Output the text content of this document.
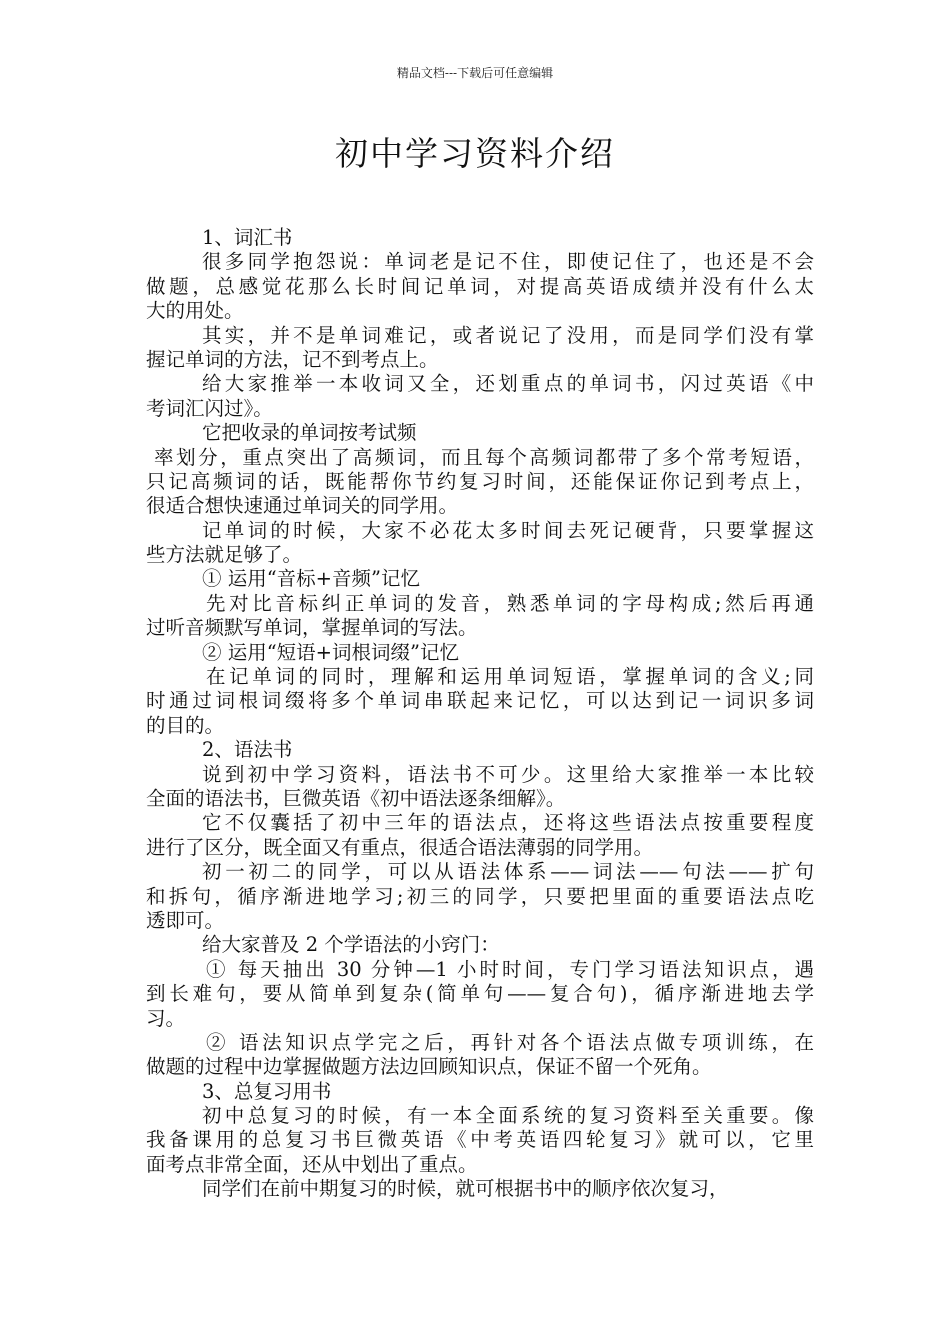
精品文档---下载后可任意编辑
初中学习资料介绍
1、词汇书
很多同学抱怨说：单词老是记不住，即使记住了，也还是不会
做题，总感觉花那么长时间记单词，对提高英语成绩并没有什么太
大的用处。
其实，并不是单词难记，或者说记了没用，而是同学们没有掌
握记单词的方法，记不到考点上。
给大家推举一本收词又全，还划重点的单词书，闪过英语《中
考词汇闪过》。
它把收录的单词按考试频
率划分，重点突出了高频词，而且每个高频词都带了多个常考短语，
只记高频词的话，既能帮你节约复习时间，还能保证你记到考点上，
很适合想快速通过单词关的同学用。
记单词的时候，大家不必花太多时间去死记硬背，只要掌握这
些方法就足够了。
① 运用“音标+音频”记忆
先对比音标纠正单词的发音，熟悉单词的字母构成;然后再通
过听音频默写单词，掌握单词的写法。
② 运用“短语+词根词缀”记忆
在记单词的同时，理解和运用单词短语，掌握单词的含义;同
时通过词根词缀将多个单词串联起来记忆，可以达到记一词识多词
的目的。
2、语法书
说到初中学习资料，语法书不可少。这里给大家推举一本比较
全面的语法书，巨微英语《初中语法逐条细解》。
它不仅囊括了初中三年的语法点，还将这些语法点按重要程度
进行了区分，既全面又有重点，很适合语法薄弱的同学用。
初一初二的同学，可以从语法体系——词法——句法——扩句
和拆句，循序渐进地学习;初三的同学，只要把里面的重要语法点吃
透即可。
给大家普及 2 个学语法的小窍门：
① 每天抽出 30 分钟—1 小时时间，专门学习语法知识点，遇
到长难句，要从简单到复杂(简单句——复合句)，循序渐进地去学
习。
② 语法知识点学完之后，再针对各个语法点做专项训练，在
做题的过程中边掌握做题方法边回顾知识点，保证不留一个死角。
3、总复习用书
初中总复习的时候，有一本全面系统的复习资料至关重要。像
我备课用的总复习书巨微英语《中考英语四轮复习》就可以，它里
面考点非常全面，还从中划出了重点。
同学们在前中期复习的时候，就可根据书中的顺序依次复习，
